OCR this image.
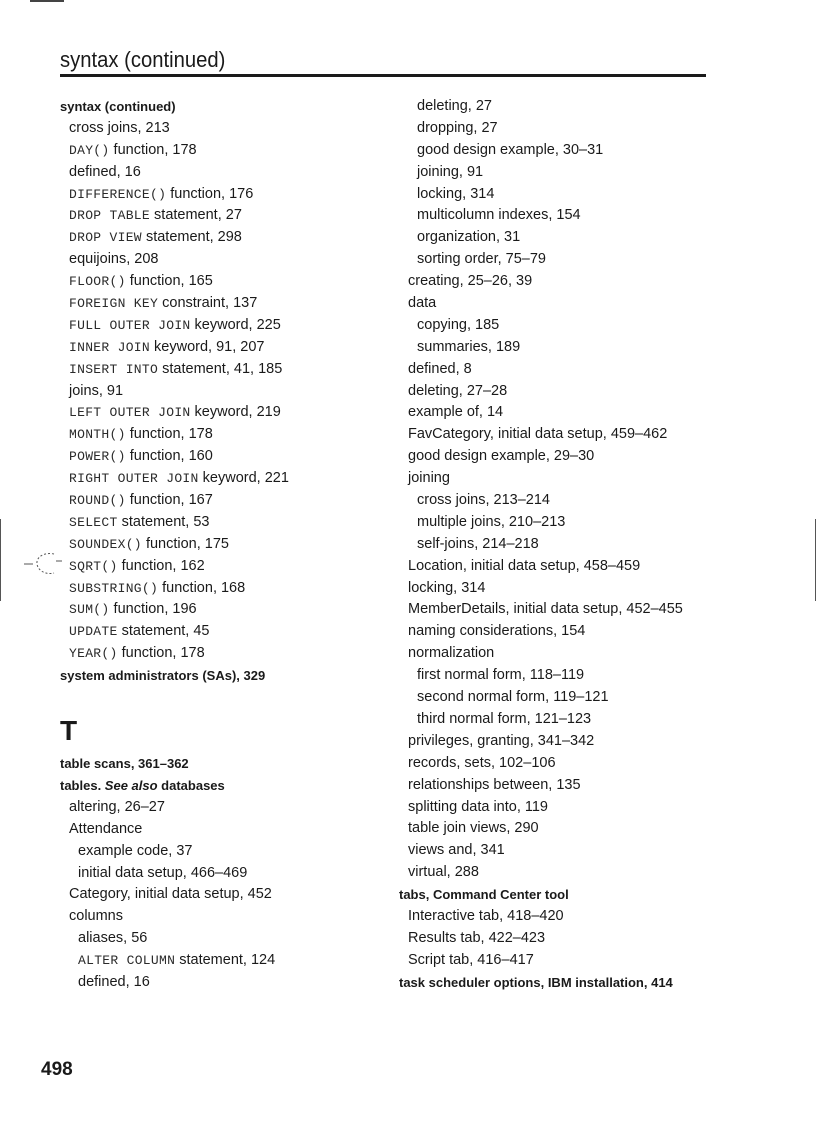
syntax (continued)
syntax (continued)
cross joins, 213
DAY() function, 178
defined, 16
DIFFERENCE() function, 176
DROP TABLE statement, 27
DROP VIEW statement, 298
equijoins, 208
FLOOR() function, 165
FOREIGN KEY constraint, 137
FULL OUTER JOIN keyword, 225
INNER JOIN keyword, 91, 207
INSERT INTO statement, 41, 185
joins, 91
LEFT OUTER JOIN keyword, 219
MONTH() function, 178
POWER() function, 160
RIGHT OUTER JOIN keyword, 221
ROUND() function, 167
SELECT statement, 53
SOUNDEX() function, 175
SQRT() function, 162
SUBSTRING() function, 168
SUM() function, 196
UPDATE statement, 45
YEAR() function, 178
system administrators (SAs), 329
T
table scans, 361–362
tables. See also databases
altering, 26–27
Attendance
example code, 37
initial data setup, 466–469
Category, initial data setup, 452
columns
aliases, 56
ALTER COLUMN statement, 124
defined, 16
deleting, 27
dropping, 27
good design example, 30–31
joining, 91
locking, 314
multicolumn indexes, 154
organization, 31
sorting order, 75–79
creating, 25–26, 39
data
copying, 185
summaries, 189
defined, 8
deleting, 27–28
example of, 14
FavCategory, initial data setup, 459–462
good design example, 29–30
joining
cross joins, 213–214
multiple joins, 210–213
self-joins, 214–218
Location, initial data setup, 458–459
locking, 314
MemberDetails, initial data setup, 452–455
naming considerations, 154
normalization
first normal form, 118–119
second normal form, 119–121
third normal form, 121–123
privileges, granting, 341–342
records, sets, 102–106
relationships between, 135
splitting data into, 119
table join views, 290
views and, 341
virtual, 288
tabs, Command Center tool
Interactive tab, 418–420
Results tab, 422–423
Script tab, 416–417
task scheduler options, IBM installation, 414
498
